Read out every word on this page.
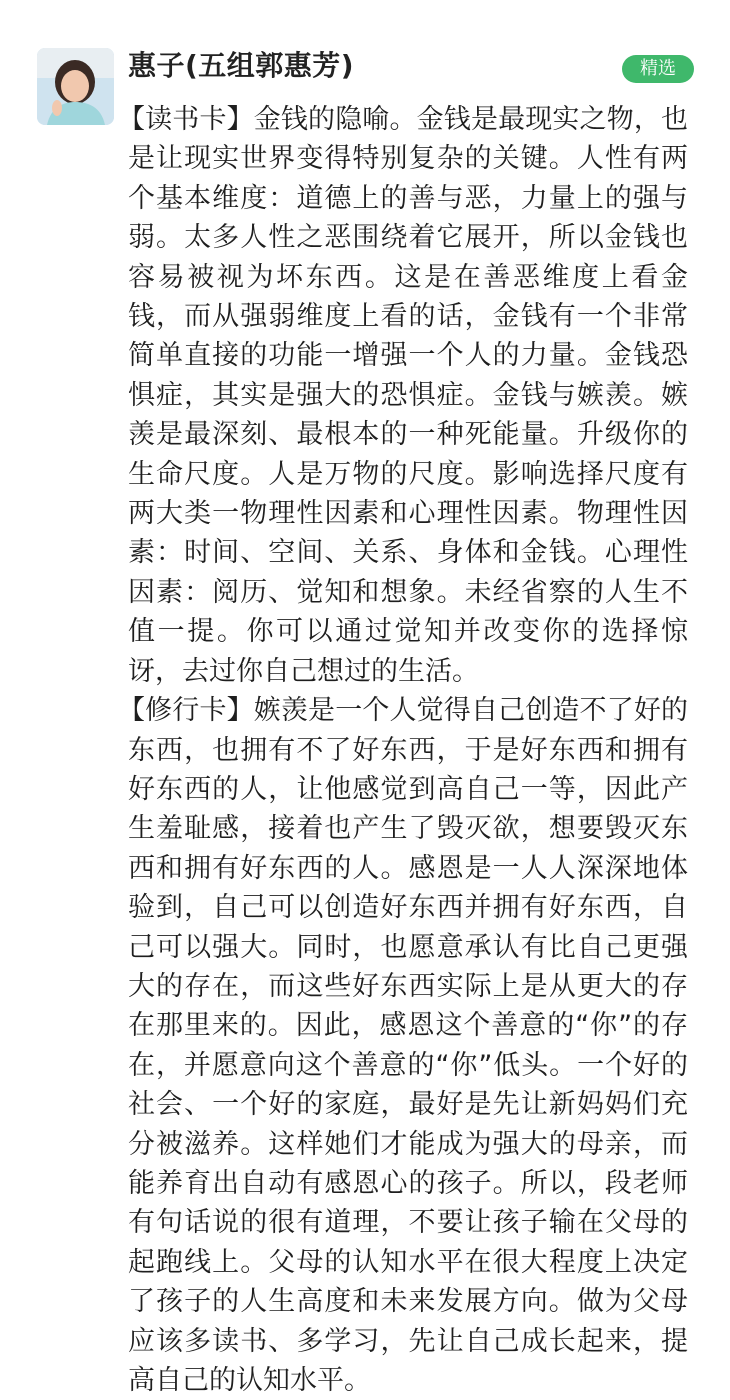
惠子(五组郭惠芳)	精选

【读书卡】金钱的隐喻。金钱是最现实之物，也是让现实世界变得特别复杂的关键。人性有两个基本维度：道德上的善与恶，力量上的强与弱。太多人性之恶围绕着它展开，所以金钱也容易被视为坏东西。这是在善恶维度上看金钱，而从强弱维度上看的话，金钱有一个非常简单直接的功能一增强一个人的力量。金钱恐惧症，其实是强大的恐惧症。金钱与嫉羡。嫉羡是最深刻、最根本的一种死能量。升级你的生命尺度。人是万物的尺度。影响选择尺度有两大类一物理性因素和心理性因素。物理性因素：时间、空间、关系、身体和金钱。心理性因素：阅历、觉知和想象。未经省察的人生不值一提。你可以通过觉知并改变你的选择惊讶，去过你自己想过的生活。

【修行卡】嫉羡是一个人觉得自己创造不了好的东西，也拥有不了好东西，于是好东西和拥有好东西的人，让他感觉到高自己一等，因此产生羞耻感，接着也产生了毁灭欲，想要毁灭东西和拥有好东西的人。感恩是一人人深深地体验到，自己可以创造好东西并拥有好东西，自己可以强大。同时，也愿意承认有比自己更强大的存在，而这些好东西实际上是从更大的存在那里来的。因此，感恩这个善意的“你”的存在，并愿意向这个善意的“你”低头。一个好的社会、一个好的家庭，最好是先让新妈妈们充分被滋养。这样她们才能成为强大的母亲，而能养育出自动有感恩心的孩子。所以，段老师有句话说的很有道理，不要让孩子输在父母的起跑线上。父母的认知水平在很大程度上决定了孩子的人生高度和未来发展方向。做为父母应该多读书、多学习，先让自己成长起来，提高自己的认知水平。
